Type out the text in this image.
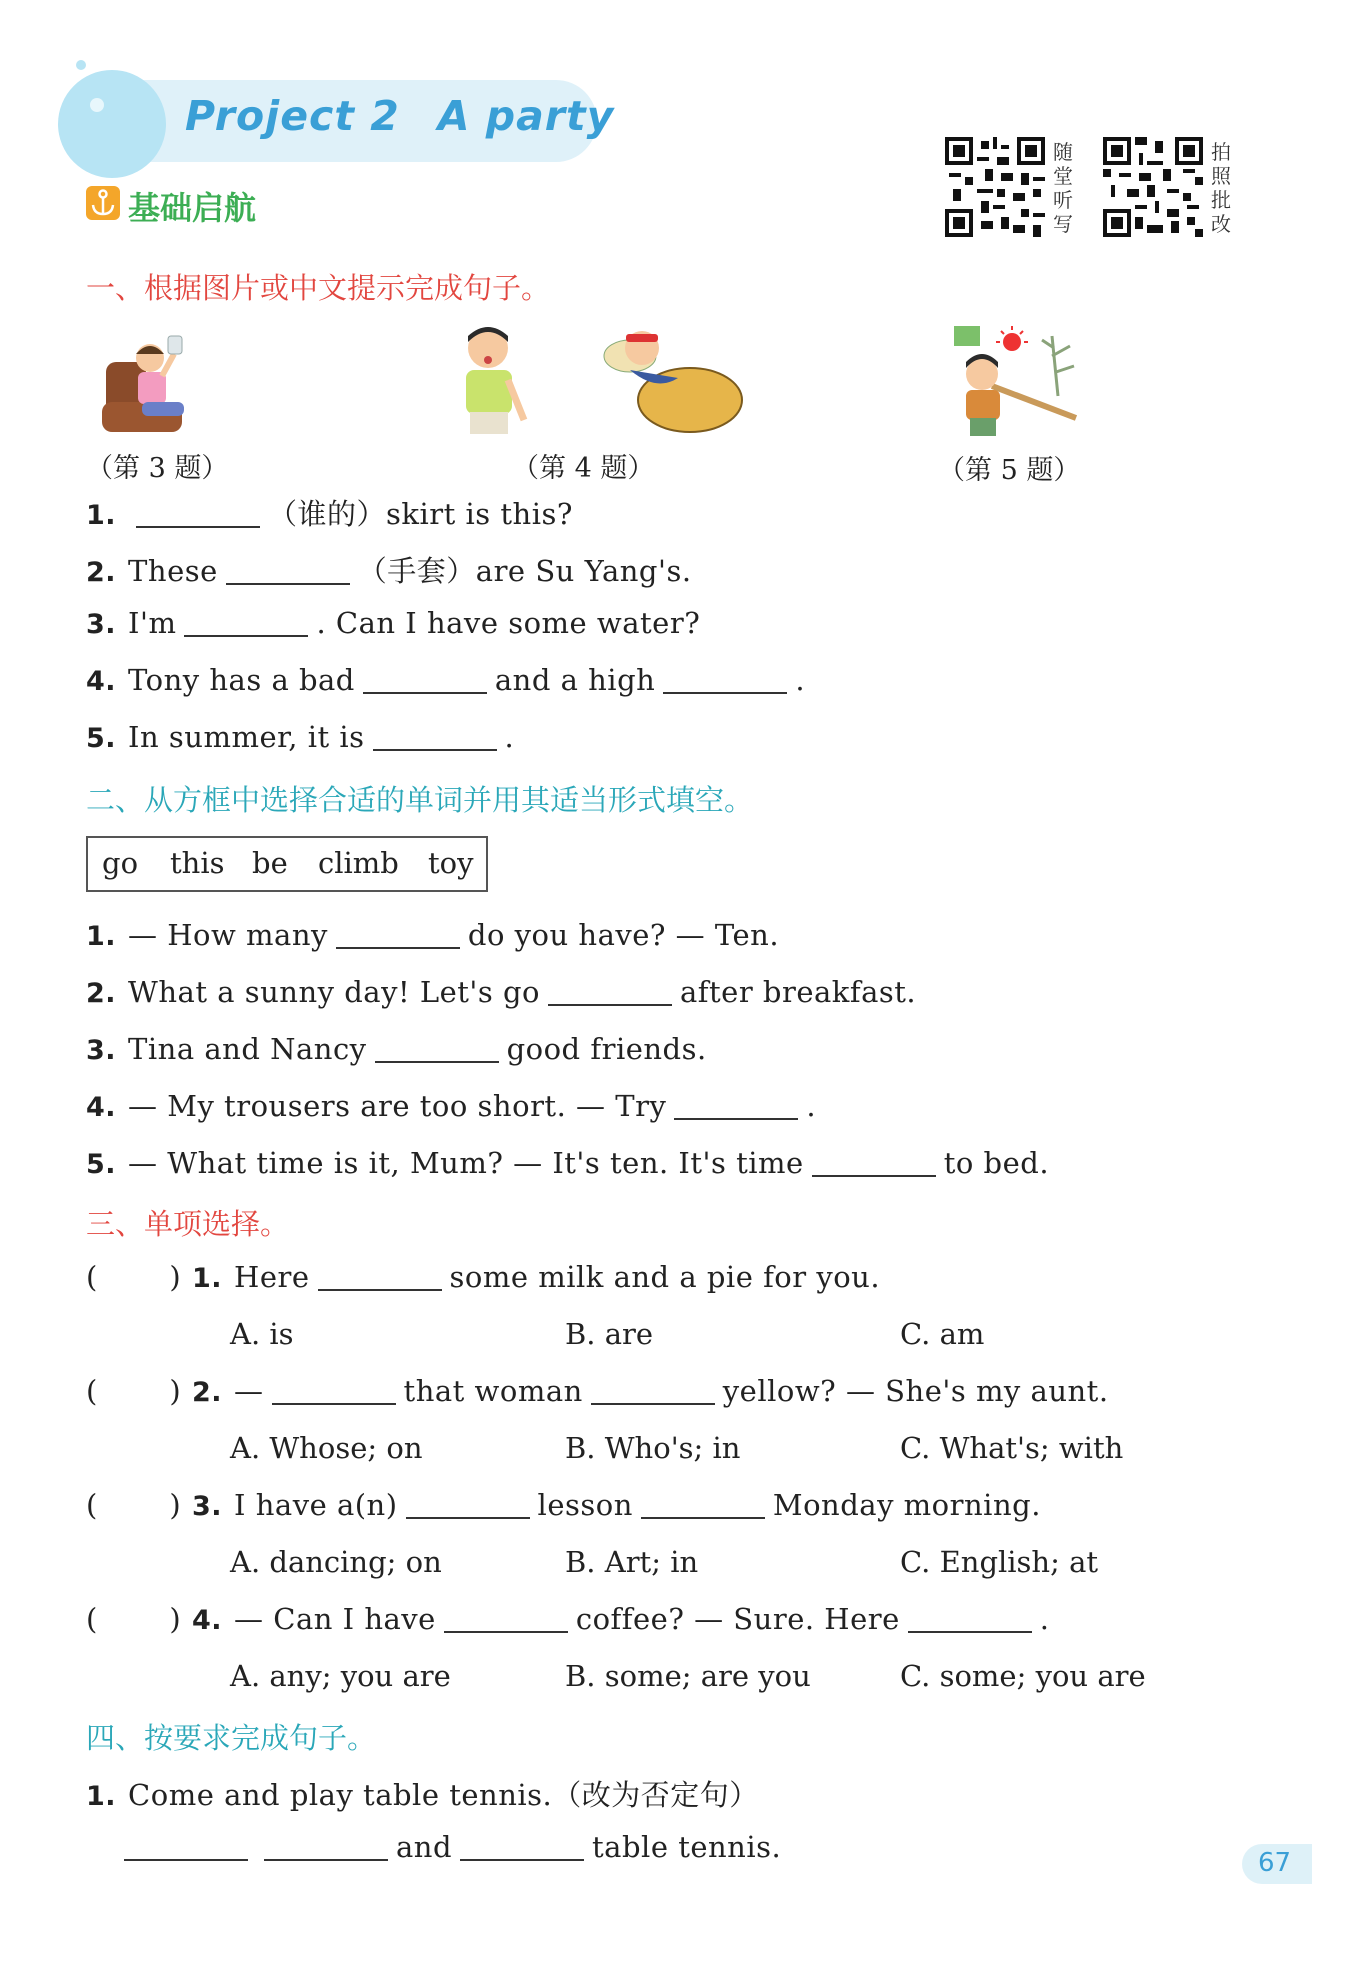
Project 2 A party
随
堂
听
写
拍
照
批
改
基础启航
一、根据图片或中文提示完成句子。
（第 3 题）	（第 4 题）	（第 5 题）
1.	（谁的）skirt is this?
2. These	（手套）are Su Yang's.
3. I'm	. Can I have some water?
4. Tony has a bad	and a high	.
5. In summer, it is	.
二、从方框中选择合适的单词并用其适当形式填空。
go this be climb toy
1. — How many	do you have? — Ten.
2. What a sunny day! Let's go	after breakfast.
3. Tina and Nancy	good friends.
4. — My trousers are too short. — Try	.
5. — What time is it, Mum? — It's ten. It's time	to bed.
三、单项选择。
( ) 1. Here	some milk and a pie for you.
A. is	B. are	C. am
( ) 2. —	that woman	yellow? — She's my aunt.
A. Whose; on	B. Who's; in	C. What's; with
( ) 3. I have a(n)	lesson	Monday morning.
A. dancing; on	B. Art; in	C. English; at
( ) 4. — Can I have	coffee? — Sure. Here	.
A. any; you are	B. some; are you	C. some; you are
四、按要求完成句子。
1. Come and play table tennis.（改为否定句）
and	table tennis.	67
